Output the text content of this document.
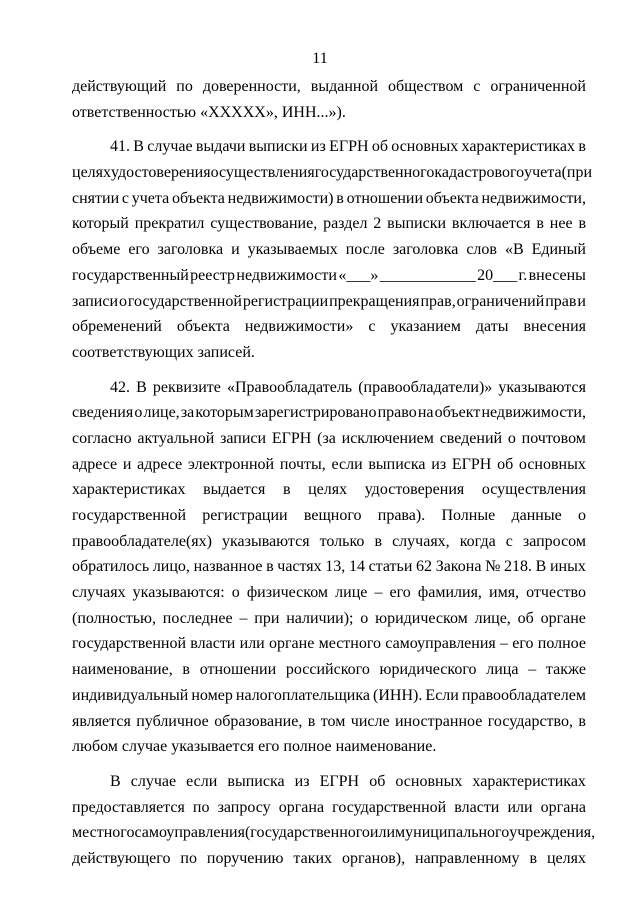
11
действующий по доверенности, выданной обществом с ограниченной
ответственностью «ХХХХХ», ИНН...»).
41. В случае выдачи выписки из ЕГРН об основных характеристиках в
целях удостоверения осуществления государственного кадастрового учета (при
снятии с учета объекта недвижимости) в отношении объекта недвижимости,
который прекратил существование, раздел 2 выписки включается в нее в
объеме его заголовка и указываемых после заголовка слов «В Единый
государственный реестр недвижимости «___» ____________ 20___ г. внесены
записи о государственной регистрации прекращения прав, ограничений прав и
обременений объекта недвижимости» с указанием даты внесения
соответствующих записей.
42. В реквизите «Правообладатель (правообладатели)» указываются
сведения о лице, за которым зарегистрировано право на объект недвижимости,
согласно актуальной записи ЕГРН (за исключением сведений о почтовом
адресе и адресе электронной почты, если выписка из ЕГРН об основных
характеристиках выдается в целях удостоверения осуществления
государственной регистрации вещного права). Полные данные о
правообладателе(ях) указываются только в случаях, когда с запросом
обратилось лицо, названное в частях 13, 14 статьи 62 Закона № 218. В иных
случаях указываются: о физическом лице – его фамилия, имя, отчество
(полностью, последнее – при наличии); о юридическом лице, об органе
государственной власти или органе местного самоуправления – его полное
наименование, в отношении российского юридического лица – также
индивидуальный номер налогоплательщика (ИНН). Если правообладателем
является публичное образование, в том числе иностранное государство, в
любом случае указывается его полное наименование.
В случае если выписка из ЕГРН об основных характеристиках
предоставляется по запросу органа государственной власти или органа
местного самоуправления (государственного или муниципального учреждения,
действующего по поручению таких органов), направленному в целях
